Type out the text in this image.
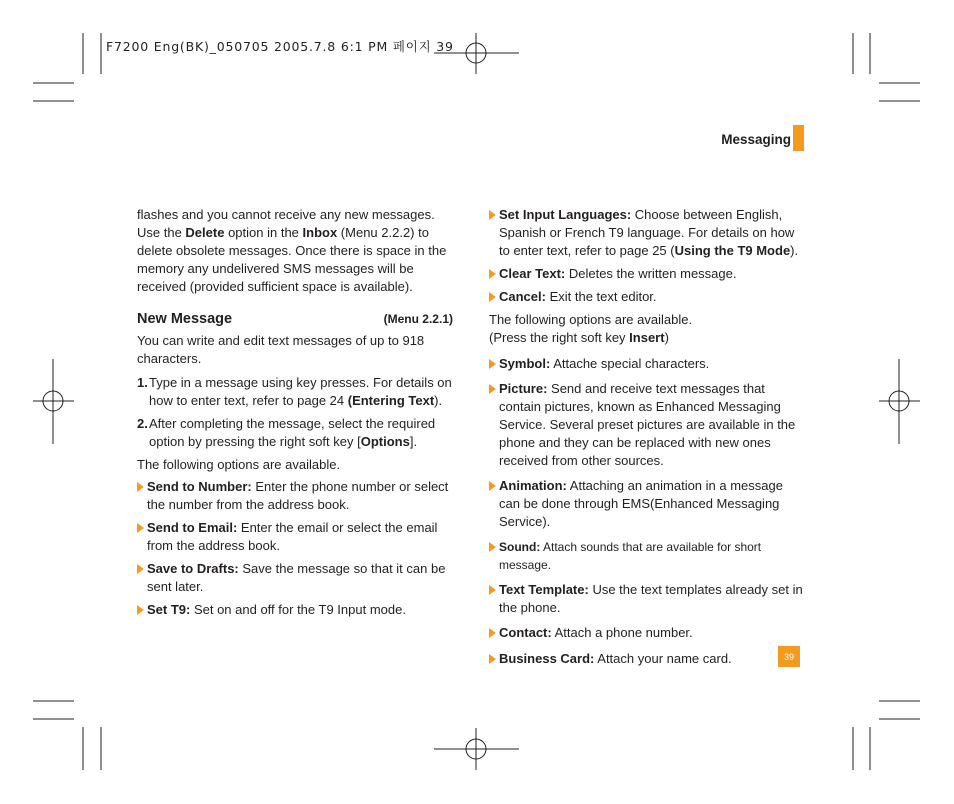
F7200 Eng(BK)_050705 2005.7.8 6:1 PM 페이지 39
Messaging

flashes and you cannot receive any new messages. Use the Delete option in the Inbox (Menu 2.2.2) to delete obsolete messages. Once there is space in the memory any undelivered SMS messages will be received (provided sufficient space is available).

New Message	(Menu 2.2.1)

You can write and edit text messages of up to 918 characters.

1. Type in a message using key presses. For details on how to enter text, refer to page 24 (Entering Text).

2. After completing the message, select the required option by pressing the right soft key [Options].

The following options are available.

Send to Number: Enter the phone number or select the number from the address book.

Send to Email: Enter the email or select the email from the address book.

Save to Drafts: Save the message so that it can be sent later.

Set T9: Set on and off for the T9 Input mode.

Set Input Languages: Choose between English, Spanish or French T9 language. For details on how to enter text, refer to page 25 (Using the T9 Mode).

Clear Text: Deletes the written message.

Cancel: Exit the text editor.

The following options are available.
(Press the right soft key Insert)

Symbol: Attache special characters.

Picture: Send and receive text messages that contain pictures, known as Enhanced Messaging Service. Several preset pictures are available in the phone and they can be replaced with new ones received from other sources.

Animation: Attaching an animation in a message can be done through EMS(Enhanced Messaging Service).

Sound: Attach sounds that are available for short message.

Text Template: Use the text templates already set in the phone.

Contact: Attach a phone number.

Business Card: Attach your name card.	39
